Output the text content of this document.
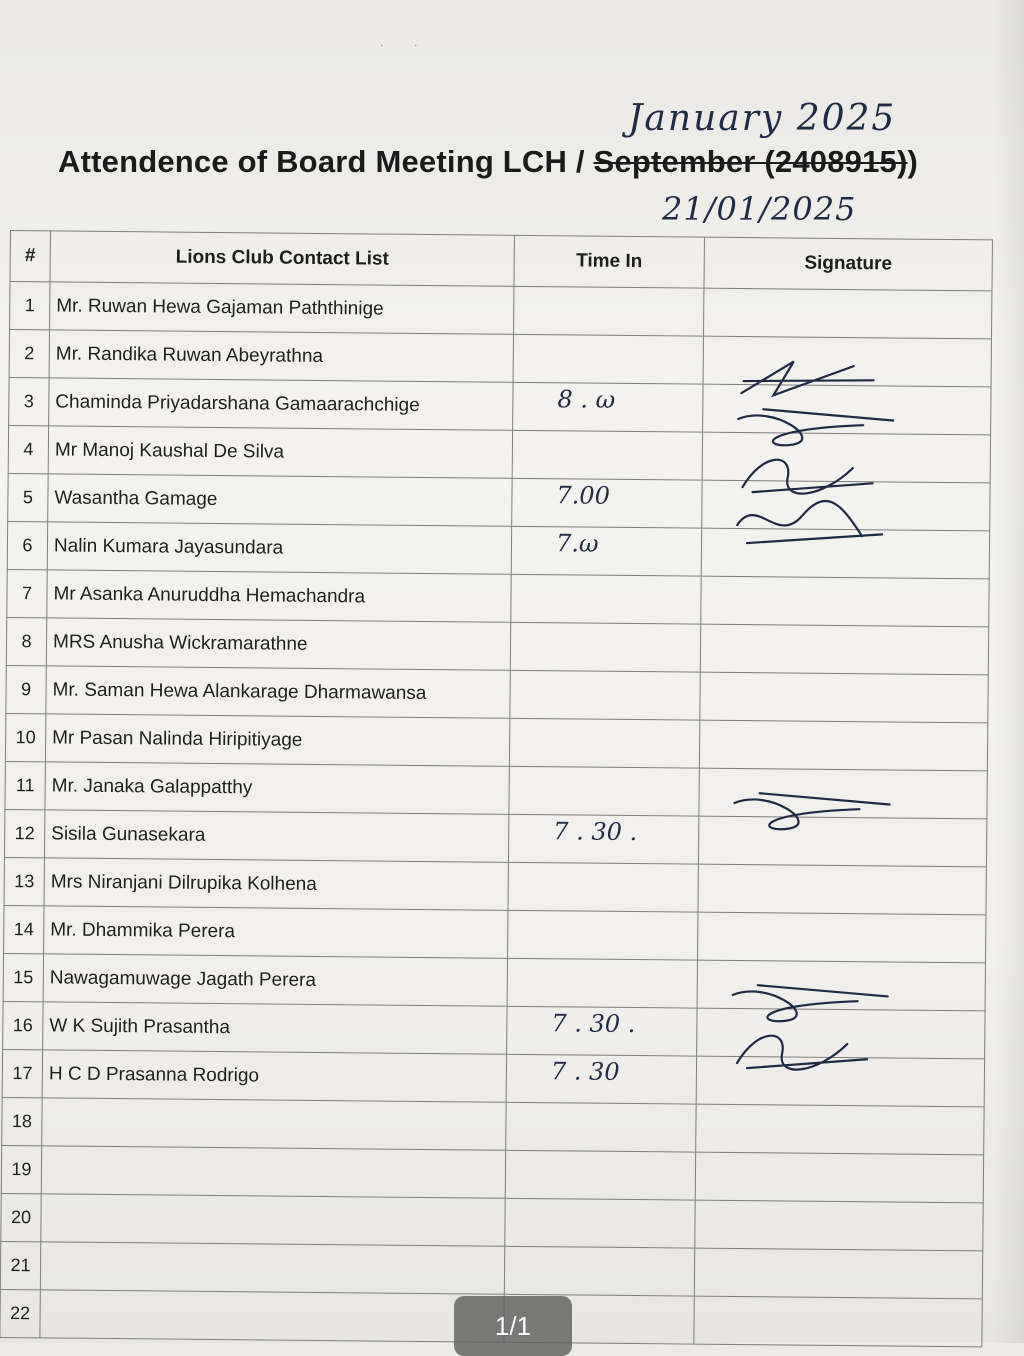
· ·
January 2025
Attendence of Board Meeting LCH / September (2408915))
21/01/2025
#	Lions Club Contact List	Time In	Signature
1	Mr. Ruwan Hewa Gajaman Paththinige	

2	Mr. Randika Ruwan Abeyrathna	

3	Chaminda Priyadarshana Gamaarachchige	8 . ω

4	Mr Manoj Kaushal De Silva	

5	Wasantha Gamage	7.00

6	Nalin Kumara Jayasundara	7.ω

7	Mr Asanka Anuruddha Hemachandra	

8	MRS Anusha Wickramarathne	

9	Mr. Saman Hewa Alankarage Dharmawansa	

10	Mr Pasan Nalinda Hiripitiyage	

11	Mr. Janaka Galappatthy	

12	Sisila Gunasekara	7 . 30 .

13	Mrs Niranjani Dilrupika Kolhena	

14	Mr. Dhammika Perera	

15	Nawagamuwage Jagath Perera	

16	W K Sujith Prasantha	7 . 30 .

17	H C D Prasanna Rodrigo	7 . 30

18		

19		

20		

21		

22		
		1/1
